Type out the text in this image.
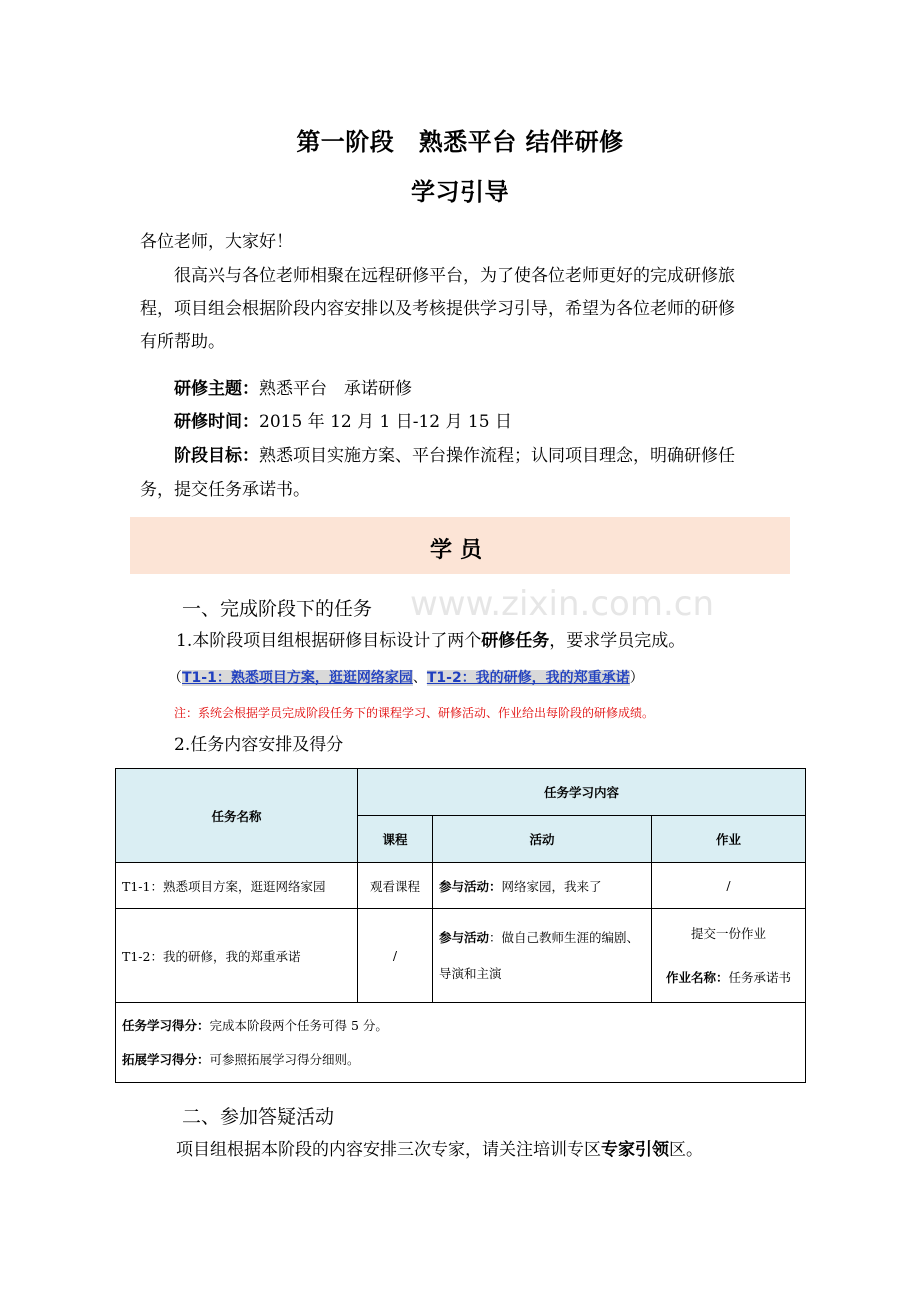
第一阶段　熟悉平台 结伴研修
学习引导
各位老师，大家好！
很高兴与各位老师相聚在远程研修平台，为了使各位老师更好的完成研修旅
程，项目组会根据阶段内容安排以及考核提供学习引导，希望为各位老师的研修
有所帮助。
研修主题：熟悉平台　承诺研修
研修时间：2015 年 12 月 1 日-12 月 15 日
阶段目标：熟悉项目实施方案、平台操作流程；认同项目理念，明确研修任
务，提交任务承诺书。
学员
www.zixin.com.cn
一、完成阶段下的任务
1.本阶段项目组根据研修目标设计了两个研修任务，要求学员完成。
（T1-1：熟悉项目方案，逛逛网络家园、T1-2：我的研修，我的郑重承诺）
注：系统会根据学员完成阶段任务下的课程学习、研修活动、作业给出每阶段的研修成绩。
2.任务内容安排及得分
任务名称	任务学习内容		
	课程	活动	作业
T1-1：熟悉项目方案，逛逛网络家园	观看课程	参与活动：网络家园，我来了	/
T1-2：我的研修，我的郑重承诺	/	参与活动：做自己教师生涯的编剧、
导演和主演	提交一份作业
作业名称：任务承诺书
任务学习得分：完成本阶段两个任务可得 5 分。
拓展学习得分：可参照拓展学习得分细则。			
二、参加答疑活动
项目组根据本阶段的内容安排三次专家，请关注培训专区专家引领区。
